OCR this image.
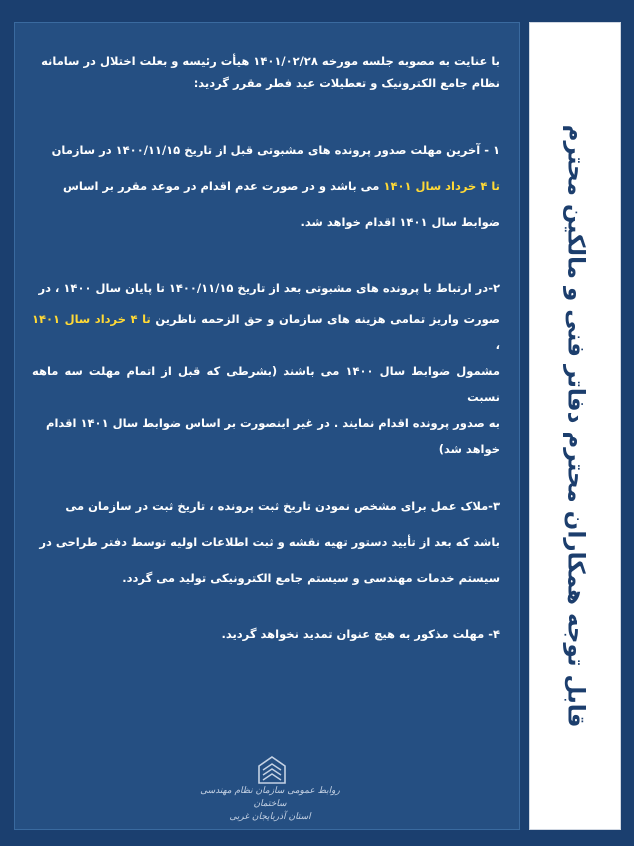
قابل توجه همکاران محترم دفاتر فنی و مالکین محترم

با عنایت به مصوبه جلسه مورخه ۱۴۰۱/۰۲/۲۸ هیأت رئیسه و بعلت اختلال در سامانه

نظام جامع الکترونیک و تعطیلات عید فطر مقرر گردید:

۱ - آخرین مهلت صدور پرونده های مشبوتی قبل از تاریخ ۱۴۰۰/۱۱/۱۵ در سازمان

تا ۴ خرداد سال ۱۴۰۱ می باشد و در صورت عدم اقدام در موعد مقرر بر اساس

ضوابط سال ۱۴۰۱ اقدام خواهد شد.

۲-در ارتباط با پرونده های مشبوتی بعد از تاریخ ۱۴۰۰/۱۱/۱۵ تا پایان سال ۱۴۰۰ ، در

صورت واریز تمامی هزینه های سازمان و حق الزحمه ناظرین تا ۴ خرداد سال ۱۴۰۱ ،

مشمول ضوابط سال ۱۴۰۰ می باشند (بشرطی که قبل از اتمام مهلت سه ماهه نسبت

به صدور پرونده اقدام نمایند . در غیر اینصورت بر اساس ضوابط سال ۱۴۰۱ اقدام

خواهد شد)

۳-ملاک عمل برای مشخص نمودن تاریخ ثبت پرونده ، تاریخ ثبت در سازمان می

باشد که بعد از تأیید دستور تهیه نقشه و ثبت اطلاعات اولیه توسط دفتر طراحی در

سیستم خدمات مهندسی و سیستم جامع الکترونیکی تولید می گردد.

۴- مهلت مذکور به هیچ عنوان تمدید نخواهد گردید.

روابط عمومی سازمان نظام مهندسی ساختمان
استان آذربایجان غربی
